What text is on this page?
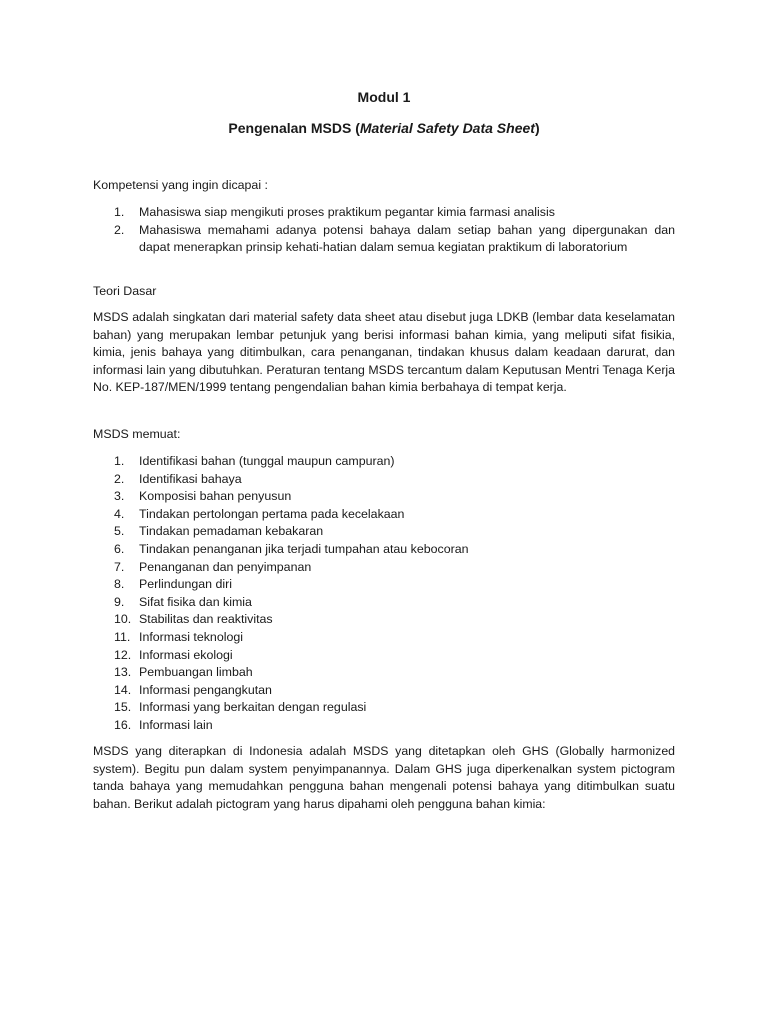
Modul 1
Pengenalan MSDS (Material Safety Data Sheet)
Kompetensi yang ingin dicapai :
1. Mahasiswa siap mengikuti proses praktikum pegantar kimia farmasi analisis
2. Mahasiswa memahami adanya potensi bahaya dalam setiap bahan yang dipergunakan dan dapat menerapkan prinsip kehati-hatian dalam semua kegiatan praktikum di laboratorium
Teori Dasar
MSDS adalah singkatan dari material safety data sheet atau disebut juga LDKB (lembar data keselamatan bahan) yang merupakan lembar petunjuk yang berisi informasi bahan kimia, yang meliputi sifat fisikia, kimia, jenis bahaya yang ditimbulkan, cara penanganan, tindakan khusus dalam keadaan darurat, dan informasi lain yang dibutuhkan. Peraturan tentang MSDS tercantum dalam Keputusan Mentri Tenaga Kerja No. KEP-187/MEN/1999 tentang pengendalian bahan kimia berbahaya di tempat kerja.
MSDS memuat:
1. Identifikasi bahan (tunggal maupun campuran)
2. Identifikasi bahaya
3. Komposisi bahan penyusun
4. Tindakan pertolongan pertama pada kecelakaan
5. Tindakan pemadaman kebakaran
6. Tindakan penanganan jika terjadi tumpahan atau kebocoran
7. Penanganan dan penyimpanan
8. Perlindungan diri
9. Sifat fisika dan kimia
10. Stabilitas dan reaktivitas
11. Informasi teknologi
12. Informasi ekologi
13. Pembuangan limbah
14. Informasi pengangkutan
15. Informasi yang berkaitan dengan regulasi
16. Informasi lain
MSDS yang diterapkan di Indonesia adalah MSDS yang ditetapkan oleh GHS (Globally harmonized system). Begitu pun dalam system penyimpanannya. Dalam GHS juga diperkenalkan system pictogram tanda bahaya yang memudahkan pengguna bahan mengenali potensi bahaya yang ditimbulkan suatu bahan. Berikut adalah pictogram yang harus dipahami oleh pengguna bahan kimia:
